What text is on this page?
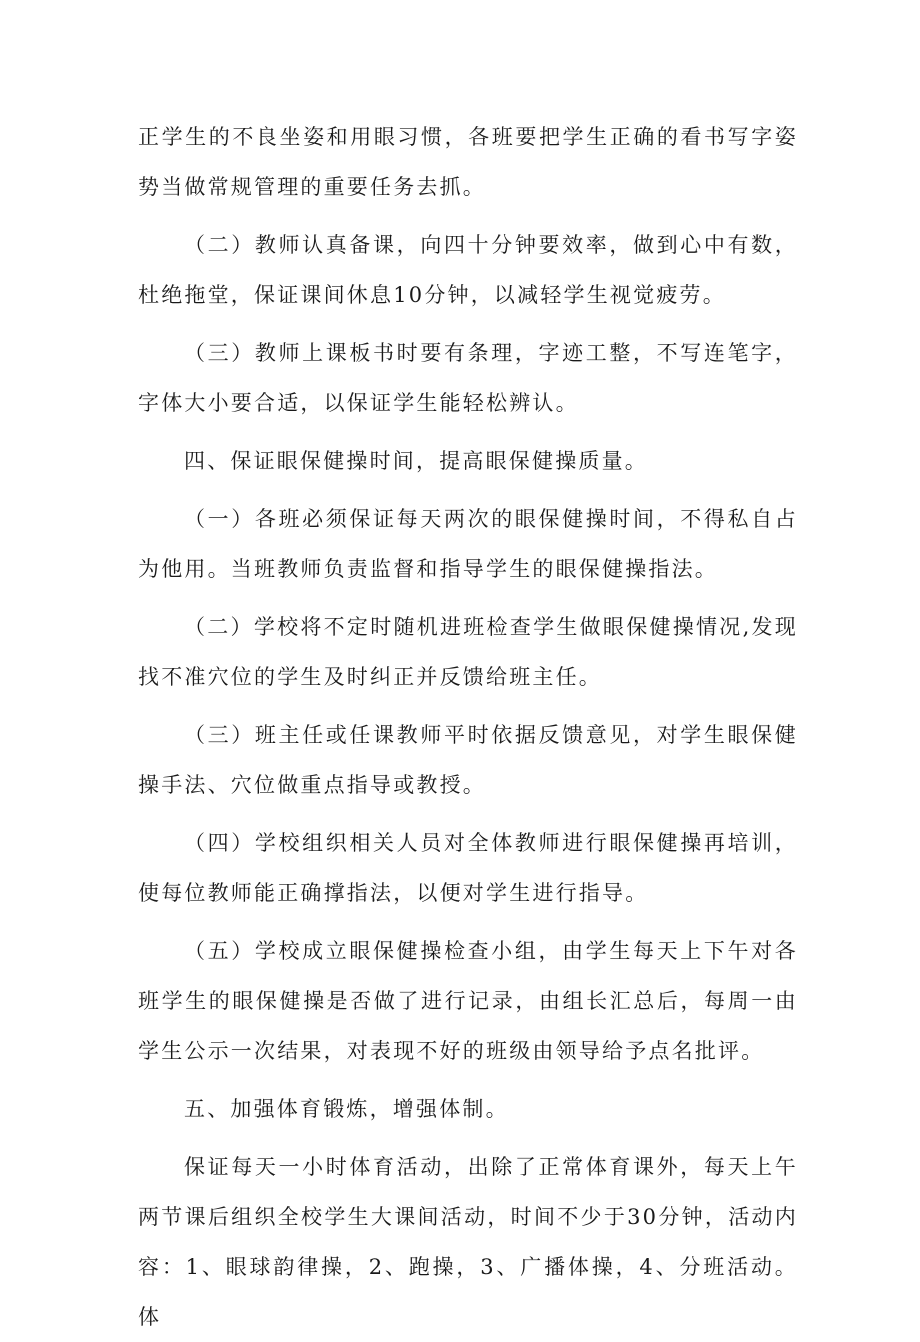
正学生的不良坐姿和用眼习惯，各班要把学生正确的看书写字姿势当做常规管理的重要任务去抓。

（二）教师认真备课，向四十分钟要效率，做到心中有数，杜绝拖堂，保证课间休息10分钟，以减轻学生视觉疲劳。

（三）教师上课板书时要有条理，字迹工整，不写连笔字，字体大小要合适，以保证学生能轻松辨认。

四、保证眼保健操时间，提高眼保健操质量。

（一）各班必须保证每天两次的眼保健操时间，不得私自占为他用。当班教师负责监督和指导学生的眼保健操指法。

（二）学校将不定时随机进班检查学生做眼保健操情况,发现找不准穴位的学生及时纠正并反馈给班主任。

（三）班主任或任课教师平时依据反馈意见，对学生眼保健操手法、穴位做重点指导或教授。

（四）学校组织相关人员对全体教师进行眼保健操再培训，使每位教师能正确撑指法，以便对学生进行指导。

（五）学校成立眼保健操检查小组，由学生每天上下午对各班学生的眼保健操是否做了进行记录，由组长汇总后，每周一由学生公示一次结果，对表现不好的班级由领导给予点名批评。

五、加强体育锻炼，增强体制。

保证每天一小时体育活动，出除了正常体育课外，每天上午两节课后组织全校学生大课间活动，时间不少于30分钟，活动内容：1、眼球韵律操，2、跑操，3、广播体操，4、分班活动。体
